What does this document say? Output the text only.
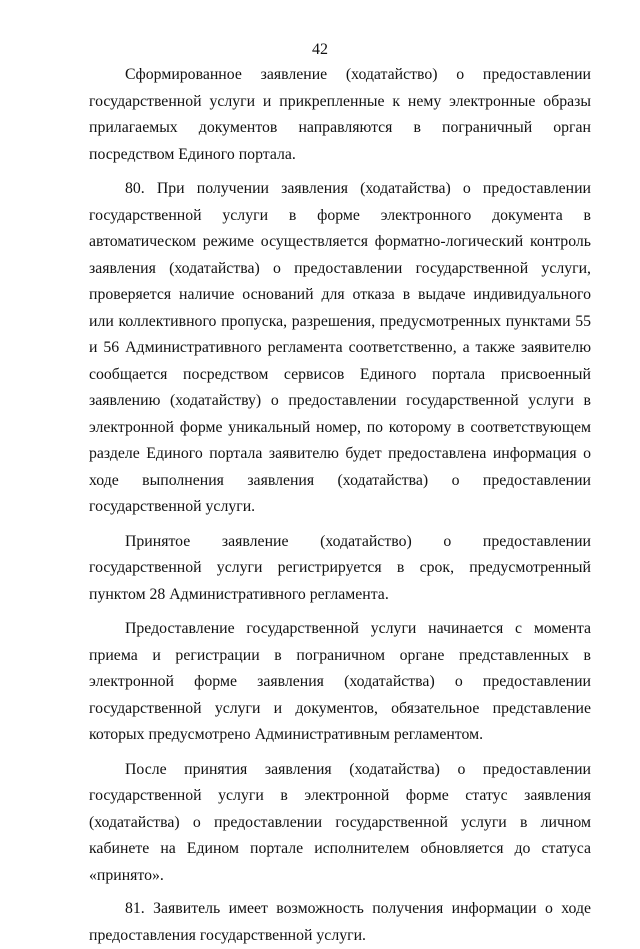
42

Сформированное заявление (ходатайство) о предоставлении государственной услуги и прикрепленные к нему электронные образы прилагаемых документов направляются в пограничный орган посредством Единого портала.

80. При получении заявления (ходатайства) о предоставлении государственной услуги в форме электронного документа в автоматическом режиме осуществляется форматно-логический контроль заявления (ходатайства) о предоставлении государственной услуги, проверяется наличие оснований для отказа в выдаче индивидуального или коллективного пропуска, разрешения, предусмотренных пунктами 55 и 56 Административного регламента соответственно, а также заявителю сообщается посредством сервисов Единого портала присвоенный заявлению (ходатайству) о предоставлении государственной услуги в электронной форме уникальный номер, по которому в соответствующем разделе Единого портала заявителю будет предоставлена информация о ходе выполнения заявления (ходатайства) о предоставлении государственной услуги.

Принятое заявление (ходатайство) о предоставлении государственной услуги регистрируется в срок, предусмотренный пунктом 28 Административного регламента.

Предоставление государственной услуги начинается с момента приема и регистрации в пограничном органе представленных в электронной форме заявления (ходатайства) о предоставлении государственной услуги и документов, обязательное представление которых предусмотрено Административным регламентом.

После принятия заявления (ходатайства) о предоставлении государственной услуги в электронной форме статус заявления (ходатайства) о предоставлении государственной услуги в личном кабинете на Едином портале исполнителем обновляется до статуса «принято».

81. Заявитель имеет возможность получения информации о ходе предоставления государственной услуги.
